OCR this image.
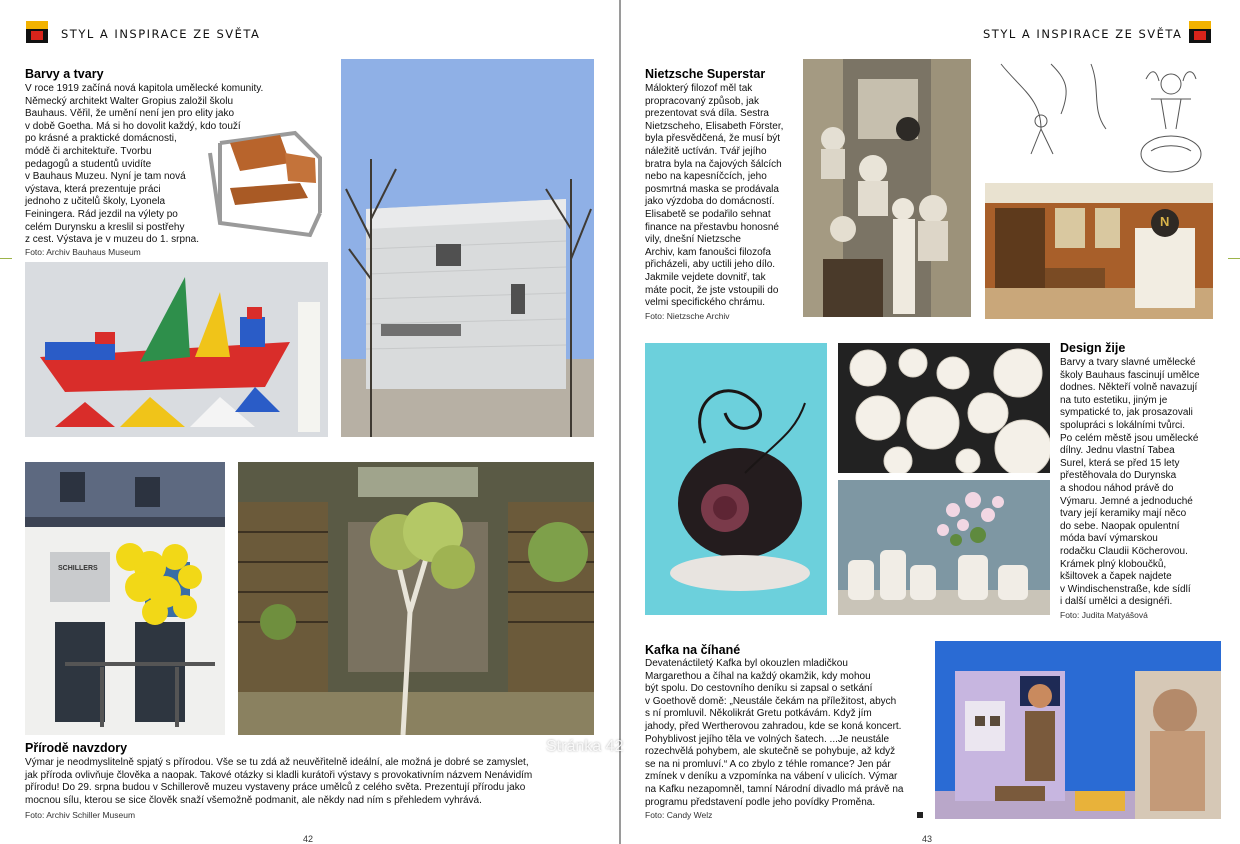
STYL A INSPIRACE ZE SVĚTA	STYL A INSPIRACE ZE SVĚTA
Barvy a tvary
V roce 1919 začíná nová kapitola umělecké komunity.
Německý architekt Walter Gropius založil školu
Bauhaus. Věřil, že umění není jen pro elity jako
v době Goetha. Má si ho dovolit každý, kdo touží
po krásné a praktické domácnosti,
módě či architektuře. Tvorbu
pedagogů a studentů uvidíte
v Bauhaus Muzeu. Nyní je tam nová
výstava, která prezentuje práci
jednoho z učitelů školy, Lyonela
Feiningera. Rád jezdil na výlety po
celém Durynsku a kreslil si postřehy
z cest. Výstava je v muzeu do 1. srpna.
Foto: Archiv Bauhaus Museum
SCHILLERS
Přírodě navzdory
Výmar je neodmyslitelně spjatý s přírodou. Vše se tu zdá až neuvěřitelně ideální, ale možná je dobré se zamyslet,
jak příroda ovlivňuje člověka a naopak. Takové otázky si kladli kurátoři výstavy s provokativním názvem Nenávidím
přírodu! Do 29. srpna budou v Schillerově muzeu vystaveny práce umělců z celého světa. Prezentují přírodu jako
mocnou sílu, kterou se sice člověk snaží všemožně podmanit, ale někdy nad ním s přehledem vyhrává.
Foto: Archiv Schiller Museum
Stránka 42
42
Nietzsche Superstar
Málokterý filozof měl tak
propracovaný způsob, jak
prezentovat svá díla. Sestra
Nietzscheho, Elisabeth Förster,
byla přesvědčená, že musí být
náležitě uctíván. Tvář jejího
bratra byla na čajových šálcích
nebo na kapesníčcích, jeho
posmrtná maska se prodávala
jako výzdoba do domácností.
Elisabetě se podařilo sehnat
finance na přestavbu honosné
vily, dnešní Nietzsche
Archiv, kam fanoušci filozofa
přicházeli, aby uctili jeho dílo.
Jakmile vejdete dovnitř, tak
máte pocit, že jste vstoupili do
velmi specifického chrámu.
Foto: Nietzsche Archiv
N
Design žije
Barvy a tvary slavné umělecké
školy Bauhaus fascinují umělce
dodnes. Někteří volně navazují
na tuto estetiku, jiným je
sympatické to, jak prosazovali
spolupráci s lokálními tvůrci.
Po celém městě jsou umělecké
dílny. Jednu vlastní Tabea
Surel, která se před 15 lety
přestěhovala do Durynska
a shodou náhod právě do
Výmaru. Jemné a jednoduché
tvary její keramiky mají něco
do sebe. Naopak opulentní
móda baví výmarskou
rodačku Claudii Köcherovou.
Krámek plný kloboučků,
kšiltovek a čapek najdete
v Windischenstraße, kde sídlí
i další umělci a designéři.
Foto: Judita Matyášová
Kafka na číhané
Devatenáctiletý Kafka byl okouzlen mladičkou
Margarethou a číhal na každý okamžik, kdy mohou
být spolu. Do cestovního deníku si zapsal o setkání
v Goethově domě: „Neustále čekám na příležitost, abych
s ní promluvil. Několikrát Gretu potkávám. Když jím
jahody, před Wertherovou zahradou, kde se koná koncert.
Pohyblivost jejího těla ve volných šatech. ...Je neustále
rozechvělá pohybem, ale skutečně se pohybuje, až když
se na ni promluví.“ A co zbylo z téhle romance? Jen pár
zmínek v deníku a vzpomínka na vábení v ulicích. Výmar
na Kafku nezapomněl, tamní Národní divadlo má právě na
programu představení podle jeho povídky Proměna.
Foto: Candy Welz
43
